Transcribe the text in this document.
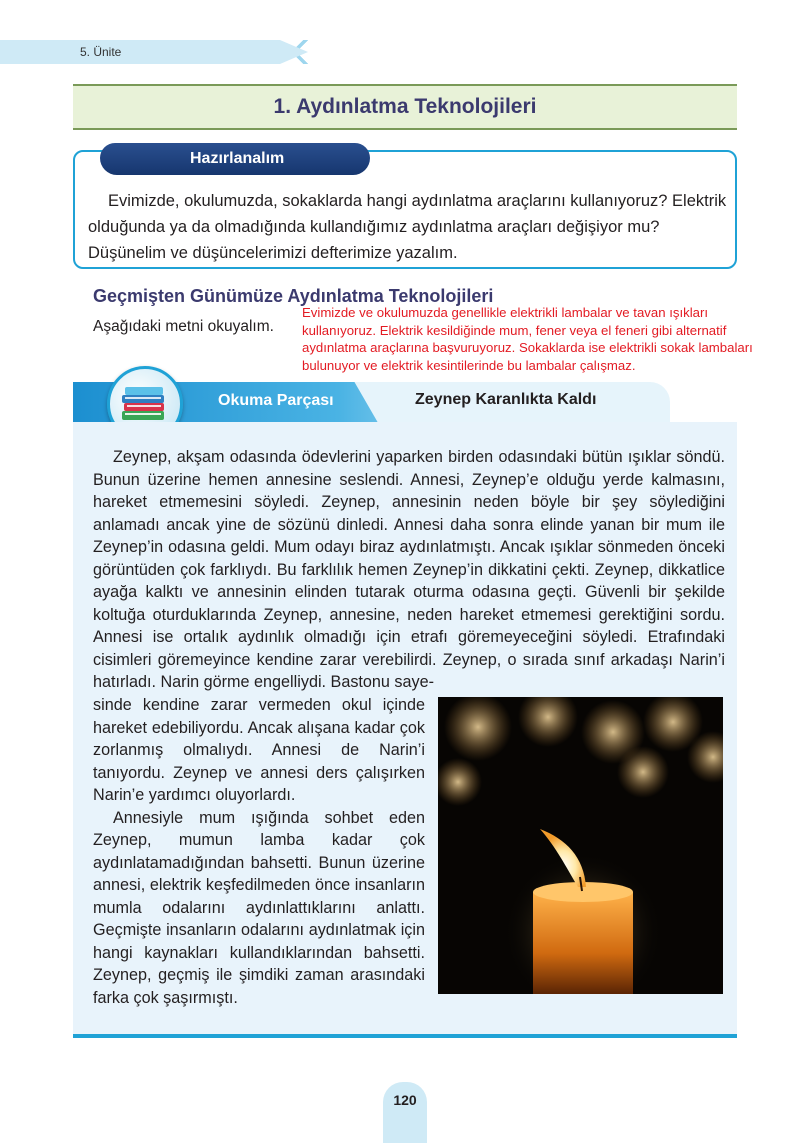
5. Ünite
1. Aydınlatma Teknolojileri
Hazırlanalım
Evimizde, okulumuzda, sokaklarda hangi aydınlatma araçlarını kullanıyoruz? Elektrik olduğunda ya da olmadığında kullandığımız aydınlatma araçları değişiyor mu? Düşünelim ve düşüncelerimizi defterimize yazalım.
Geçmişten Günümüze Aydınlatma Teknolojileri
Aşağıdaki metni okuyalım.
Evimizde ve okulumuzda genellikle elektrikli lambalar ve tavan ışıkları kullanıyoruz. Elektrik kesildiğinde mum, fener veya el feneri gibi alternatif aydınlatma araçlarına başvuruyoruz. Sokaklarda ise elektrikli sokak lambaları bulunuyor ve elektrik kesintilerinde bu lambalar çalışmaz.
Okuma Parçası	Zeynep Karanlıkta Kaldı

Zeynep, akşam odasında ödevlerini yaparken birden odasındaki bütün ışıklar söndü. Bunun üzerine hemen annesine seslendi. Annesi, Zeynep’e olduğu yerde kalmasını, hareket etmemesini söyledi. Zeynep, annesinin neden böyle bir şey söylediğini anlamadı ancak yine de sözünü dinledi. Annesi daha sonra elinde yanan bir mum ile Zeynep’in odasına geldi. Mum odayı biraz aydınlatmıştı. Ancak ışıklar sönmeden önceki görüntüden çok farklıydı. Bu farklılık hemen Zeynep’in dikkatini çekti. Zeynep, dikkatlice ayağa kalktı ve annesinin elinden tutarak oturma odasına geçti. Güvenli bir şekilde koltuğa oturduklarında Zeynep, annesine, neden hareket etmemesi gerektiğini sordu. Annesi ise ortalık aydınlık olmadığı için etrafı göremeyeceğini söyledi. Etrafındaki cisimleri göremeyince kendine zarar verebilirdi. Zeynep, o sırada sınıf arkadaşı Narin’i hatırladı. Narin görme engelliydi. Bastonu saye-

sinde kendine zarar vermeden okul içinde hareket edebiliyordu. Ancak alışana kadar çok zorlanmış olmalıydı. Annesi de Narin’i tanıyordu. Zeynep ve annesi ders çalışırken Narin’e yardımcı oluyorlardı.

Annesiyle mum ışığında sohbet eden Zeynep, mumun lamba kadar çok aydınlatamadığından bahsetti. Bunun üzerine annesi, elektrik keşfedilmeden önce insanların mumla odalarını aydınlattıklarını anlattı. Geçmişte insanların odalarını aydınlatmak için hangi kaynakları kullandıklarından bahsetti. Zeynep, geçmiş ile şimdiki zaman arasındaki farka çok şaşırmıştı.

120
